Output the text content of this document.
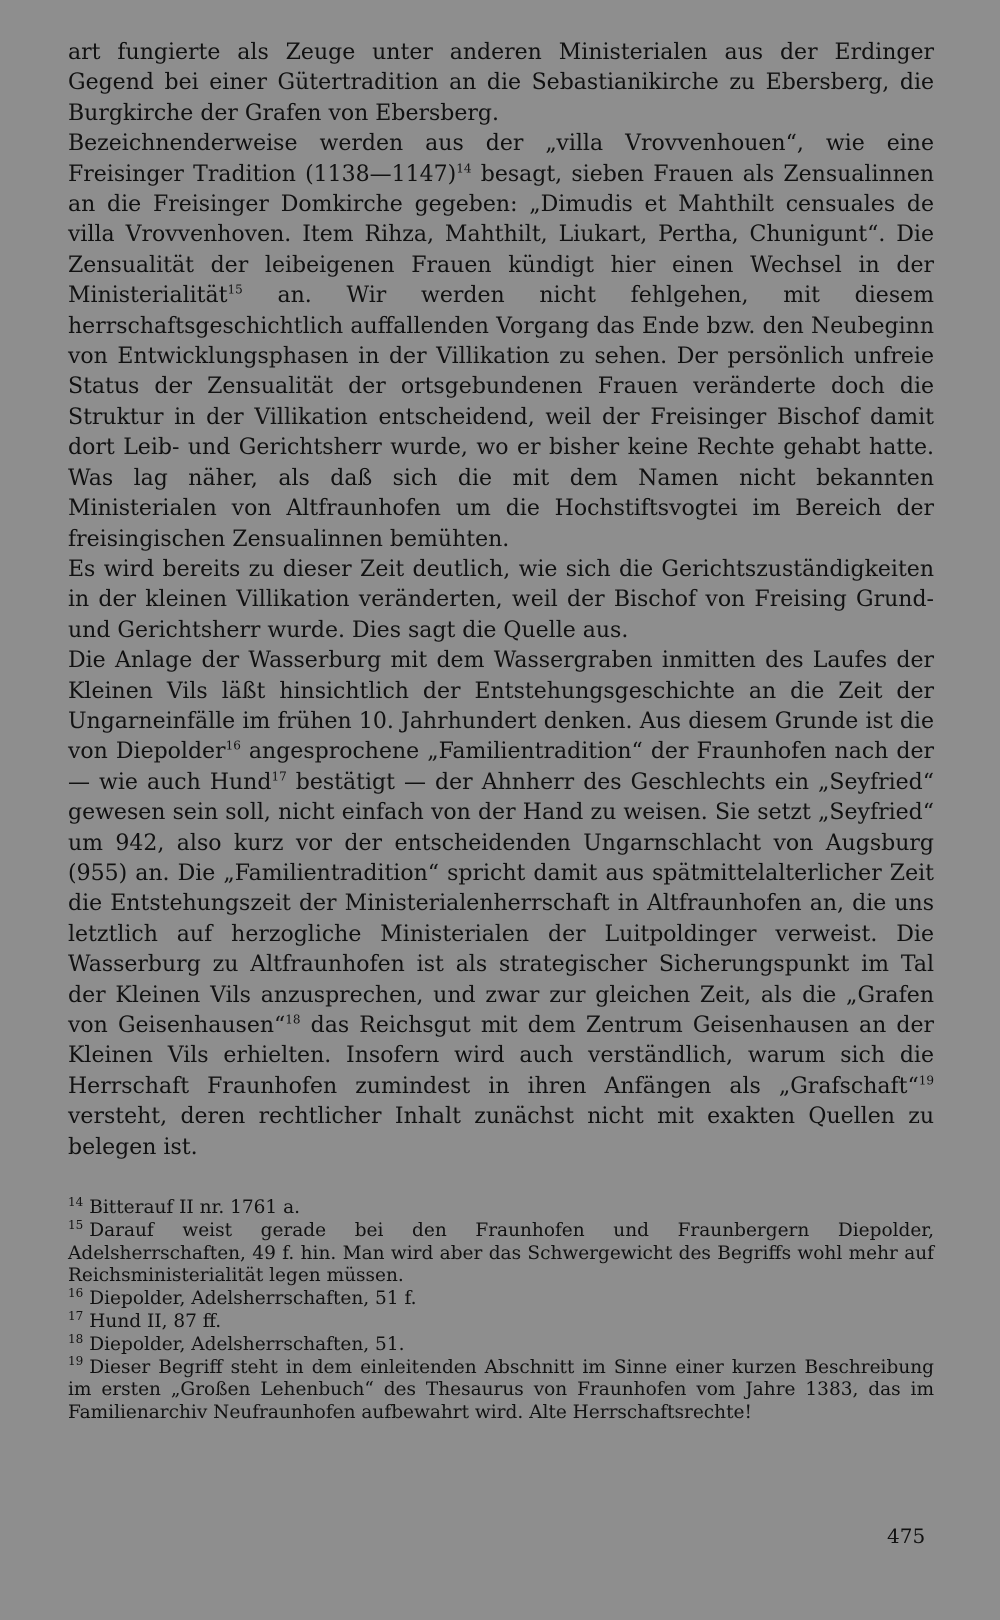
art fungierte als Zeuge unter anderen Ministerialen aus der Erdinger Gegend bei einer Gütertradition an die Sebastianikirche zu Ebersberg, die Burgkirche der Grafen von Ebersberg.

Bezeichnenderweise werden aus der „villa Vrovvenhouen“, wie eine Freisinger Tradition (1138—1147)$^{14}$ besagt, sieben Frauen als Zensualinnen an die Freisinger Domkirche gegeben: „Dimudis et Mahthilt censuales de villa Vrovvenhoven. Item Rihza, Mahthilt, Liukart, Pertha, Chunigunt“. Die Zensualität der leibeigenen Frauen kündigt hier einen Wechsel in der Ministerialität$^{15}$ an. Wir werden nicht fehlgehen, mit diesem herrschaftsgeschichtlich auffallenden Vorgang das Ende bzw. den Neubeginn von Entwicklungsphasen in der Villikation zu sehen. Der persönlich unfreie Status der Zensualität der ortsgebundenen Frauen veränderte doch die Struktur in der Villikation entscheidend, weil der Freisinger Bischof damit dort Leib- und Gerichtsherr wurde, wo er bisher keine Rechte gehabt hatte. Was lag näher, als daß sich die mit dem Namen nicht bekannten Ministerialen von Altfraunhofen um die Hochstiftsvogtei im Bereich der freisingischen Zensualinnen bemühten.

Es wird bereits zu dieser Zeit deutlich, wie sich die Gerichtszuständigkeiten in der kleinen Villikation veränderten, weil der Bischof von Freising Grund- und Gerichtsherr wurde. Dies sagt die Quelle aus.

Die Anlage der Wasserburg mit dem Wassergraben inmitten des Laufes der Kleinen Vils läßt hinsichtlich der Entstehungsgeschichte an die Zeit der Ungarneinfälle im frühen 10. Jahrhundert denken. Aus diesem Grunde ist die von Diepolder$^{16}$ angesprochene „Familientradition“ der Fraunhofen nach der — wie auch Hund$^{17}$ bestätigt — der Ahnherr des Geschlechts ein „Seyfried“ gewesen sein soll, nicht einfach von der Hand zu weisen. Sie setzt „Seyfried“ um 942, also kurz vor der entscheidenden Ungarnschlacht von Augsburg (955) an. Die „Familientradition“ spricht damit aus spätmittelalterlicher Zeit die Entstehungszeit der Ministerialenherrschaft in Altfraunhofen an, die uns letztlich auf herzogliche Ministerialen der Luitpoldinger verweist. Die Wasserburg zu Altfraunhofen ist als strategischer Sicherungspunkt im Tal der Kleinen Vils anzusprechen, und zwar zur gleichen Zeit, als die „Grafen von Geisenhausen“$^{18}$ das Reichsgut mit dem Zentrum Geisenhausen an der Kleinen Vils erhielten. Insofern wird auch verständlich, warum sich die Herrschaft Fraunhofen zumindest in ihren Anfängen als „Grafschaft“$^{19}$ versteht, deren rechtlicher Inhalt zunächst nicht mit exakten Quellen zu belegen ist.

$^{14}$ Bitterauf II nr. 1761 a.

$^{15}$ Darauf weist gerade bei den Fraunhofen und Fraunbergern Diepolder, Adelsherrschaften, 49 f. hin. Man wird aber das Schwergewicht des Begriffs wohl mehr auf Reichsministerialität legen müssen.

$^{16}$ Diepolder, Adelsherrschaften, 51 f.

$^{17}$ Hund II, 87 ff.

$^{18}$ Diepolder, Adelsherrschaften, 51.

$^{19}$ Dieser Begriff steht in dem einleitenden Abschnitt im Sinne einer kurzen Beschreibung im ersten „Großen Lehenbuch“ des Thesaurus von Fraunhofen vom Jahre 1383, das im Familienarchiv Neufraunhofen aufbewahrt wird. Alte Herrschaftsrechte!

475
